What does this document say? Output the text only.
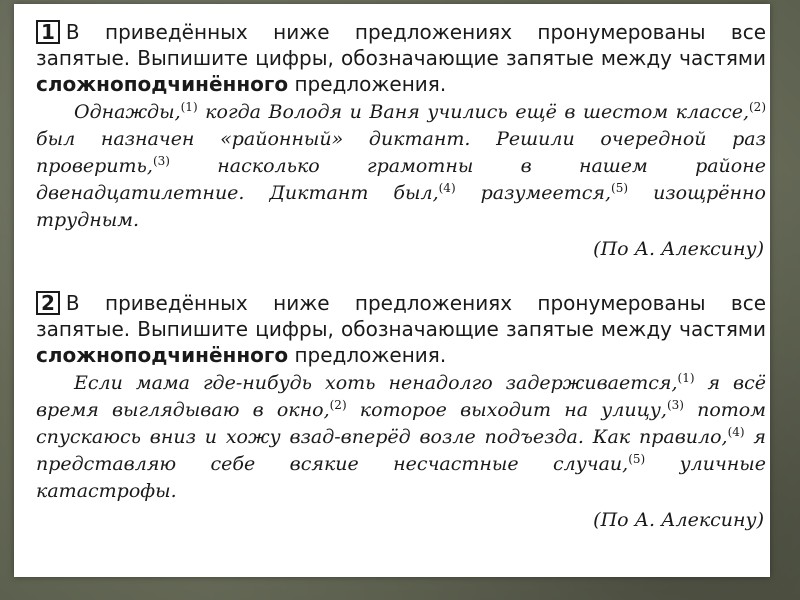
1 В приведённых ниже предложениях пронумерованы все запятые. Выпишите цифры, обозначающие запятые между частями сложноподчинённого предложения.

Однажды,$^{(1)}$ когда Володя и Ваня учились ещё в шестом классе,$^{(2)}$ был назначен «районный» диктант. Решили очередной раз проверить,$^{(3)}$ насколько грамотны в нашем районе двенадцатилетние. Диктант был,$^{(4)}$ разумеется,$^{(5)}$ изощрённо трудным.

(По А. Алексину)

2 В приведённых ниже предложениях пронумерованы все запятые. Выпишите цифры, обозначающие запятые между частями сложноподчинённого предложения.

Если мама где-нибудь хоть ненадолго задерживается,$^{(1)}$ я всё время выглядываю в окно,$^{(2)}$ которое выходит на улицу,$^{(3)}$ потом спускаюсь вниз и хожу взад-вперёд возле подъезда. Как правило,$^{(4)}$ я представляю себе всякие несчастные случаи,$^{(5)}$ уличные катастрофы.

(По А. Алексину)
